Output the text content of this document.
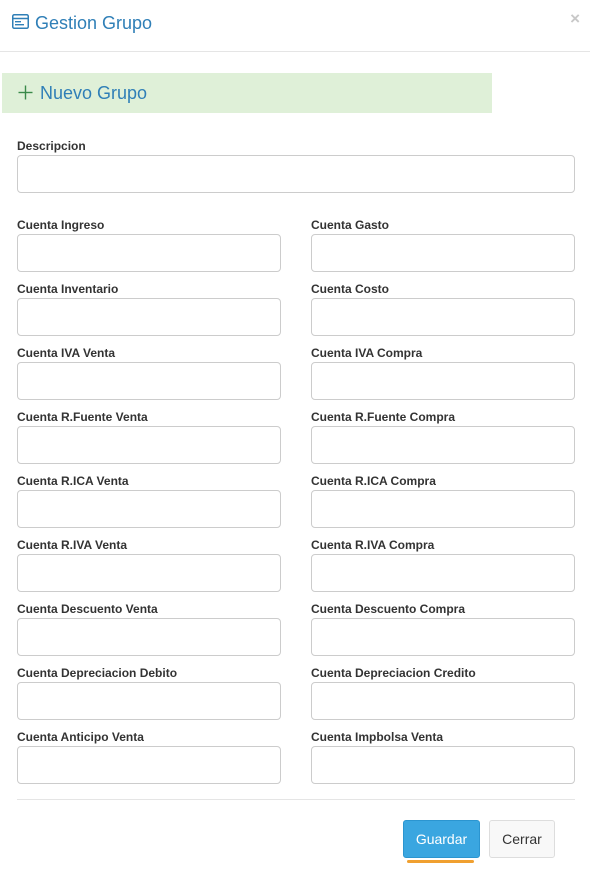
Gestion Grupo	×
Nuevo Grupo
Descripcion
Cuenta Ingreso	Cuenta Gasto
Cuenta Inventario	Cuenta Costo
Cuenta IVA Venta	Cuenta IVA Compra
Cuenta R.Fuente Venta	Cuenta R.Fuente Compra
Cuenta R.ICA Venta	Cuenta R.ICA Compra
Cuenta R.IVA Venta	Cuenta R.IVA Compra
Cuenta Descuento Venta	Cuenta Descuento Compra
Cuenta Depreciacion Debito	Cuenta Depreciacion Credito
Cuenta Anticipo Venta	Cuenta Impbolsa Venta
Guardar	Cerrar
